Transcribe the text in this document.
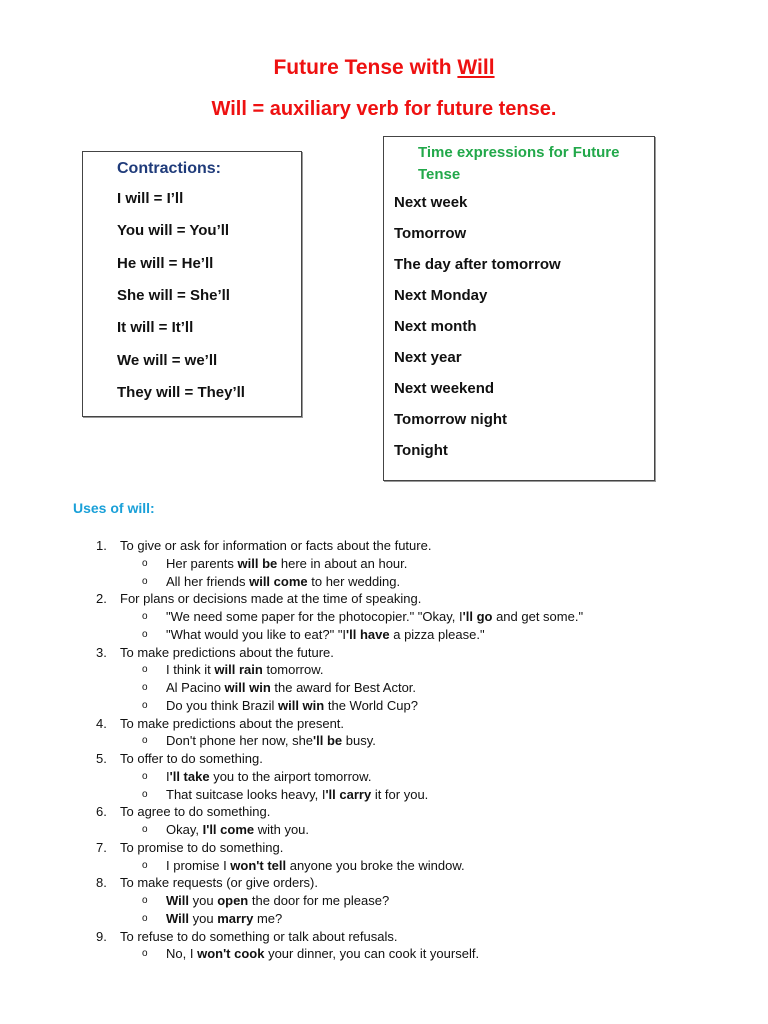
Future Tense with Will
Will = auxiliary verb for future tense.
Contractions:
I will = I’ll
You will = You’ll
He will = He’ll
She will = She’ll
It will = It’ll
We will = we’ll
They will = They’ll
Time expressions for Future Tense
Next week
Tomorrow
The day after tomorrow
Next Monday
Next month
Next year
Next weekend
Tomorrow night
Tonight
Uses of will:
1. To give or ask for information or facts about the future.
o Her parents will be here in about an hour.
o All her friends will come to her wedding.
2. For plans or decisions made at the time of speaking.
o "We need some paper for the photocopier." "Okay, I'll go and get some."
o "What would you like to eat?" "I'll have a pizza please."
3. To make predictions about the future.
o I think it will rain tomorrow.
o Al Pacino will win the award for Best Actor.
o Do you think Brazil will win the World Cup?
4. To make predictions about the present.
o Don't phone her now, she'll be busy.
5. To offer to do something.
o I'll take you to the airport tomorrow.
o That suitcase looks heavy, I'll carry it for you.
6. To agree to do something.
o Okay, I'll come with you.
7. To promise to do something.
o I promise I won't tell anyone you broke the window.
8. To make requests (or give orders).
o Will you open the door for me please?
o Will you marry me?
9. To refuse to do something or talk about refusals.
o No, I won't cook your dinner, you can cook it yourself.
